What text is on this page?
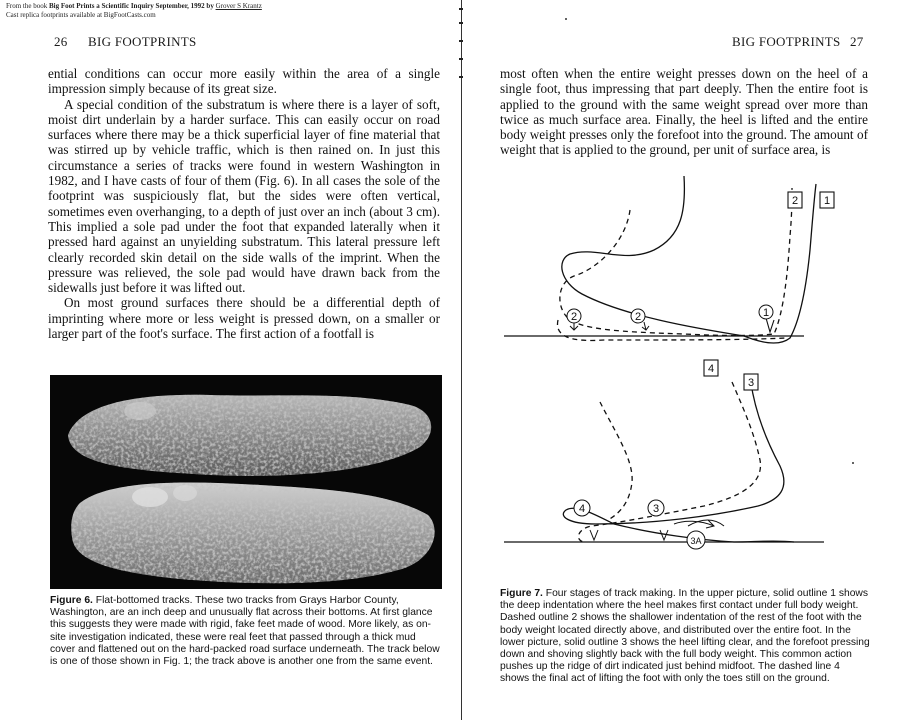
From the book Big Foot Prints a Scientific Inquiry September, 1992 by Grover S Krantz
Cast replica footprints available at BigFootCasts.com
26 BIG FOOTPRINTS

ential conditions can occur more easily within the area of a single impression simply because of its great size.

A special condition of the substratum is where there is a layer of soft, moist dirt underlain by a harder surface. This can easily occur on road surfaces where there may be a thick superficial layer of fine material that was stirred up by vehicle traffic, which is then rained on. In just this circumstance a series of tracks were found in western Washington in 1982, and I have casts of four of them (Fig. 6). In all cases the sole of the footprint was suspiciously flat, but the sides were often vertical, sometimes even overhanging, to a depth of just over an inch (about 3 cm). This implied a sole pad under the foot that expanded laterally when it pressed hard against an unyielding substratum. This lateral pressure left clearly recorded skin detail on the side walls of the imprint. When the pressure was relieved, the sole pad would have drawn back from the sidewalls just before it was lifted out.

On most ground surfaces there should be a differential depth of imprinting where more or less weight is pressed down, on a smaller or larger part of the foot's surface. The first action of a footfall is

Figure 6. Flat-bottomed tracks. These two tracks from Grays Harbor County, Washington, are an inch deep and unusually flat across their bottoms. At first glance this suggests they were made with rigid, fake feet made of wood. More likely, as on-site investigation indicated, these were real feet that passed through a thick mud cover and flattened out on the hard-packed road surface underneath. The track below is one of those shown in Fig. 1; the track above is another one from the same event.
BIG FOOTPRINTS 27

most often when the entire weight presses down on the heel of a single foot, thus impressing that part deeply. Then the entire foot is applied to the ground with the same weight spread over more than twice as much surface area. Finally, the heel is lifted and the entire body weight presses only the forefoot into the ground. The amount of weight that is applied to the ground, per unit of surface area, is

Figure 7. Four stages of track making. In the upper picture, solid outline 1 shows the deep indentation where the heel makes first contact under full body weight. Dashed outline 2 shows the shallower indentation of the rest of the foot with the body weight located directly above, and distributed over the entire foot. In the lower picture, solid outline 3 shows the heel lifting clear, and the forefoot pressing down and shoving slightly back with the full body weight. This common action pushes up the ridge of dirt indicated just behind midfoot. The dashed line 4 shows the final act of lifting the foot with only the toes still on the ground.
2 1
2	2	1
4
3
4	3
3A
